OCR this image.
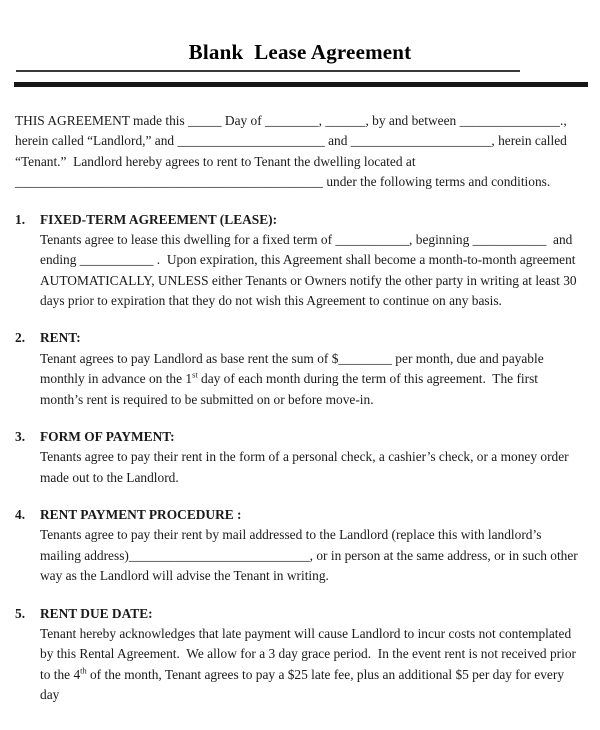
Blank  Lease Agreement
THIS AGREEMENT made this _____ Day of ________, ______, by and between _______________., herein called “Landlord,” and ______________________ and _____________________, herein called “Tenant.”  Landlord hereby agrees to rent to Tenant the dwelling located at ______________________________________________ under the following terms and conditions.
1.	FIXED-TERM AGREEMENT (LEASE):
Tenants agree to lease this dwelling for a fixed term of ___________, beginning ___________  and ending ___________ .  Upon expiration, this Agreement shall become a month-to-month agreement AUTOMATICALLY, UNLESS either Tenants or Owners notify the other party in writing at least 30 days prior to expiration that they do not wish this Agreement to continue on any basis.
2.	RENT:
Tenant agrees to pay Landlord as base rent the sum of $________ per month, due and payable monthly in advance on the 1st day of each month during the term of this agreement.  The first month’s rent is required to be submitted on or before move-in.
3.	FORM OF PAYMENT:
Tenants agree to pay their rent in the form of a personal check, a cashier’s check, or a money order made out to the Landlord.
4.	RENT PAYMENT PROCEDURE :
Tenants agree to pay their rent by mail addressed to the Landlord (replace this with landlord’s mailing address)___________________________, or in person at the same address, or in such other way as the Landlord will advise the Tenant in writing.
5.	RENT DUE DATE:
Tenant hereby acknowledges that late payment will cause Landlord to incur costs not contemplated by this Rental Agreement.  We allow for a 3 day grace period.  In the event rent is not received prior to the 4th of the month, Tenant agrees to pay a $25 late fee, plus an additional $5 per day for every day
